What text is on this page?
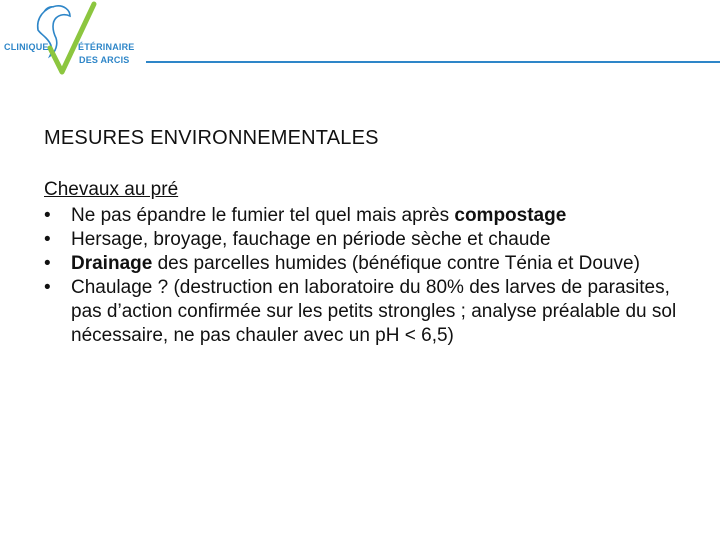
CLINIQUE	ÉTÉRINAIRE
DES ARCIS
MESURES ENVIRONNEMENTALES
Chevaux au pré
• Ne pas épandre le fumier tel quel mais après compostage
• Hersage, broyage, fauchage en période sèche et chaude
• Drainage des parcelles humides (bénéfique contre Ténia et Douve)
• Chaulage ? (destruction en laboratoire du 80% des larves de parasites, pas d’action confirmée sur les petits strongles ; analyse préalable du sol nécessaire, ne pas chauler avec un pH < 6,5)
